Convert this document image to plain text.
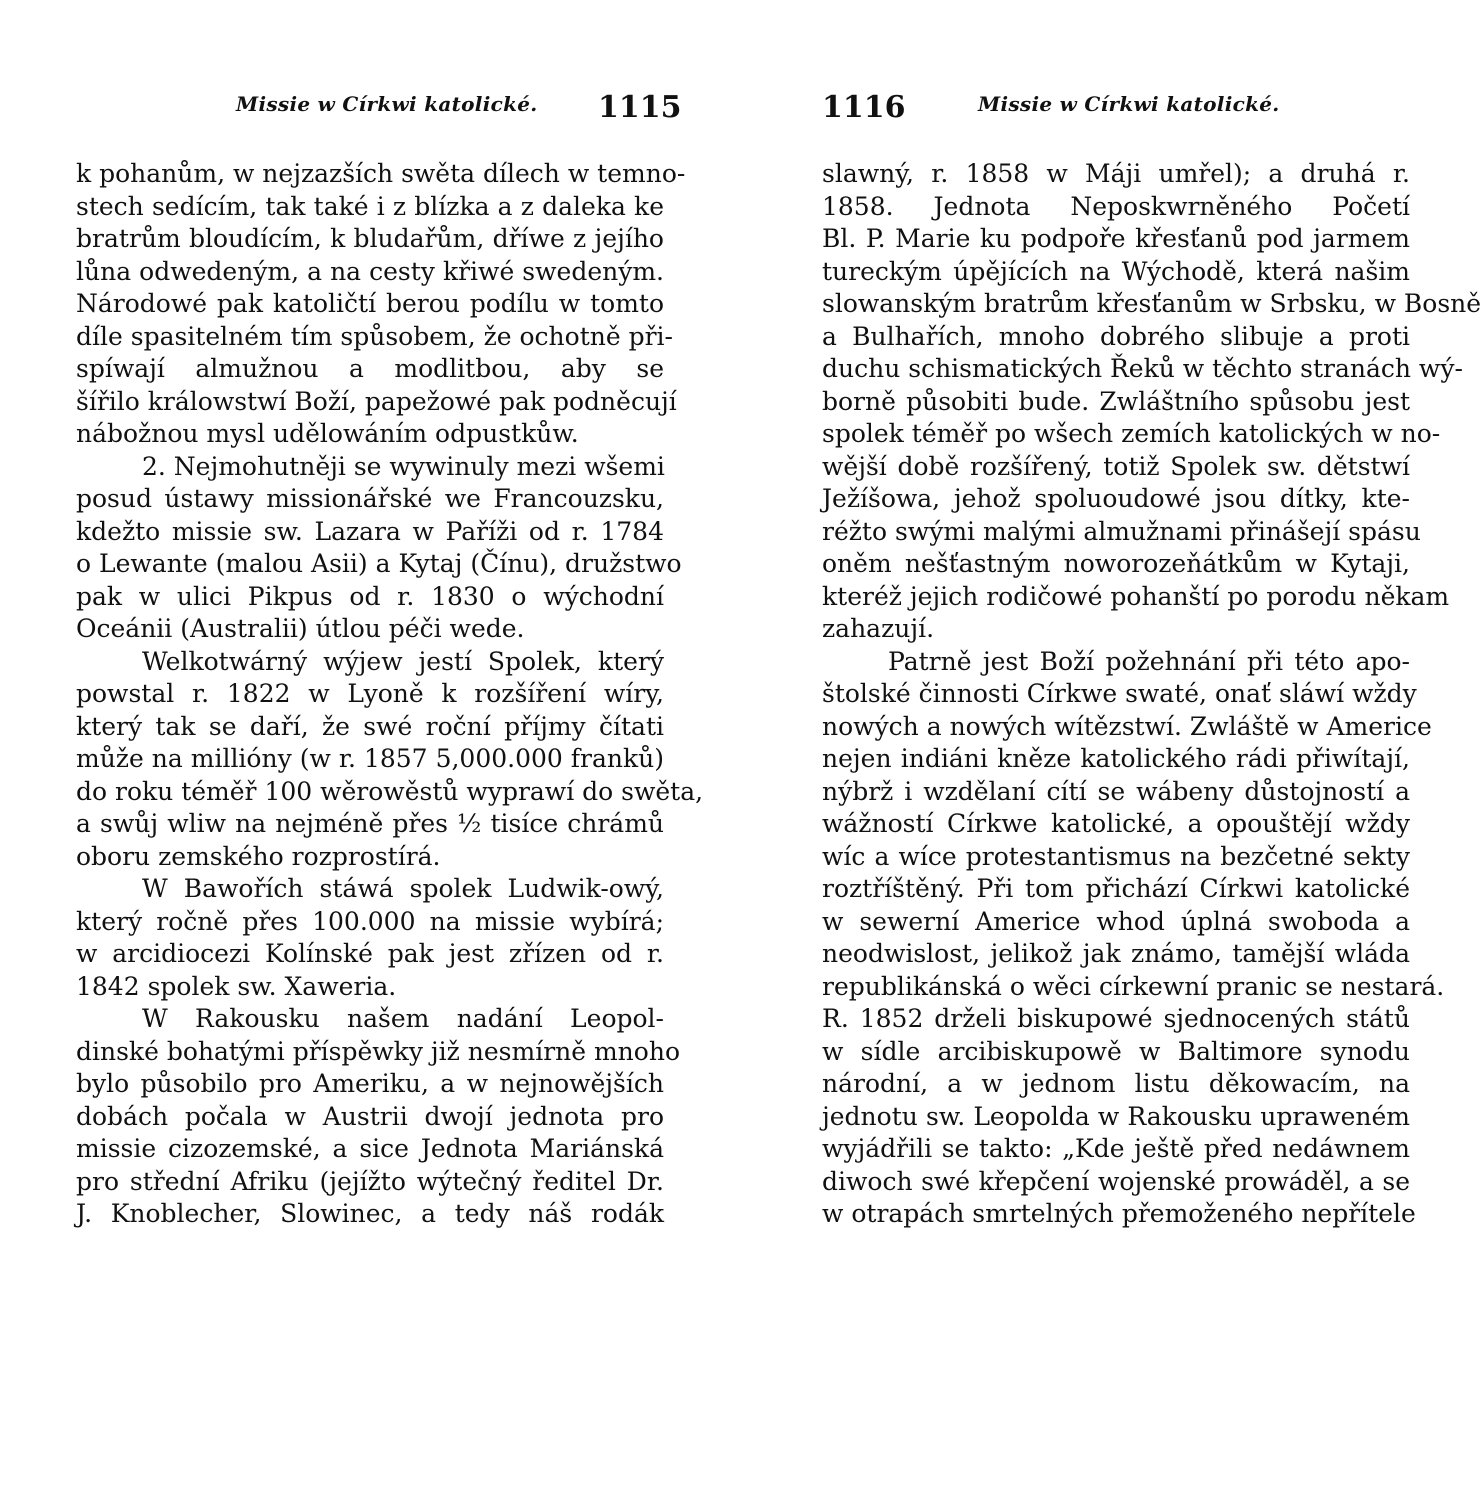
Missie w Církwi katolické. 1115
k pohanům, w nejzazších swěta dílech w temno-
stech sedícím, tak také i z blízka a z daleka ke
bratrům bloudícím, k bludařům, dříwe z jejího
lůna odwedeným, a na cesty křiwé swedeným.
Národowé pak katoličtí berou podílu w tomto
díle spasitelném tím spůsobem, že ochotně při-
spíwají almužnou a modlitbou, aby se
šířilo králowstwí Boží, papežowé pak podněcují
nábožnou mysl udělowáním odpustkůw.
2. Nejmohutněji se wywinuly mezi wšemi
posud ústawy missionářské we Francouzsku,
kdežto missie sw. Lazara w Paříži od r. 1784
o Lewante (malou Asii) a Kytaj (Čínu), družstwo
pak w ulici Pikpus od r. 1830 o wýchodní
Oceánii (Australii) útlou péči wede.
Welkotwárný wýjew jestí Spolek, který
powstal r. 1822 w Lyoně k rozšíření wíry,
který tak se daří, že swé roční příjmy čítati
může na millióny (w r. 1857 5,000.000 franků)
do roku téměř 100 wěrowěstů wyprawí do swěta,
a swůj wliw na nejméně přes ½ tisíce chrámů
oboru zemského rozprostírá.
W Bawořích stáwá spolek Ludwik-owý,
který ročně přes 100.000 na missie wybírá;
w arcidiocezi Kolínské pak jest zřízen od r.
1842 spolek sw. Xaweria.
W Rakousku našem nadání Leopol-
dinské bohatými příspěwky již nesmírně mnoho
bylo působilo pro Ameriku, a w nejnowějších
dobách počala w Austrii dwojí jednota pro
missie cizozemské, a sice Jednota Mariánská
pro střední Afriku (jejížto wýtečný ředitel Dr.
J. Knoblecher, Slowinec, a tedy náš rodák
1116	Missie w Církwi katolické.
slawný, r. 1858 w Máji umřel); a druhá r.
1858. Jednota Neposkwrněného Početí
Bl. P. Marie ku podpoře křesťanů pod jarmem
tureckým úpějících na Wýchodě, která našim
slowanským bratrům křesťanům w Srbsku, w Bosně
a Bulhařích, mnoho dobrého slibuje a proti
duchu schismatických Řeků w těchto stranách wý-
borně působiti bude. Zwláštního spůsobu jest
spolek téměř po wšech zemích katolických w no-
wější době rozšířený, totiž Spolek sw. dětstwí
Ježíšowa, jehož spoluoudowé jsou dítky, kte-
réžto swými malými almužnami přinášejí spásu
oněm nešťastným noworozeňátkům w Kytaji,
kteréž jejich rodičowé pohanští po porodu někam
zahazují.
Patrně jest Boží požehnání při této apo-
štolské činnosti Církwe swaté, onať sláwí wždy
nowých a nowých wítězstwí. Zwláště w Americe
nejen indiáni kněze katolického rádi přiwítají,
nýbrž i wzdělaní cítí se wábeny důstojností a
wážností Církwe katolické, a opouštějí wždy
wíc a wíce protestantismus na bezčetné sekty
roztříštěný. Při tom přichází Církwi katolické
w sewerní Americe whod úplná swoboda a
neodwislost, jelikož jak známo, tamější wláda
republikánská o wěci církewní pranic se nestará.
R. 1852 drželi biskupowé sjednocených států
w sídle arcibiskupowě w Baltimore synodu
národní, a w jednom listu děkowacím, na
jednotu sw. Leopolda w Rakousku upraweném
wyjádřili se takto: „Kde ještě před nedáwnem
diwoch swé křepčení wojenské prowáděl, a se
w otrapách smrtelných přemoženého nepřítele
